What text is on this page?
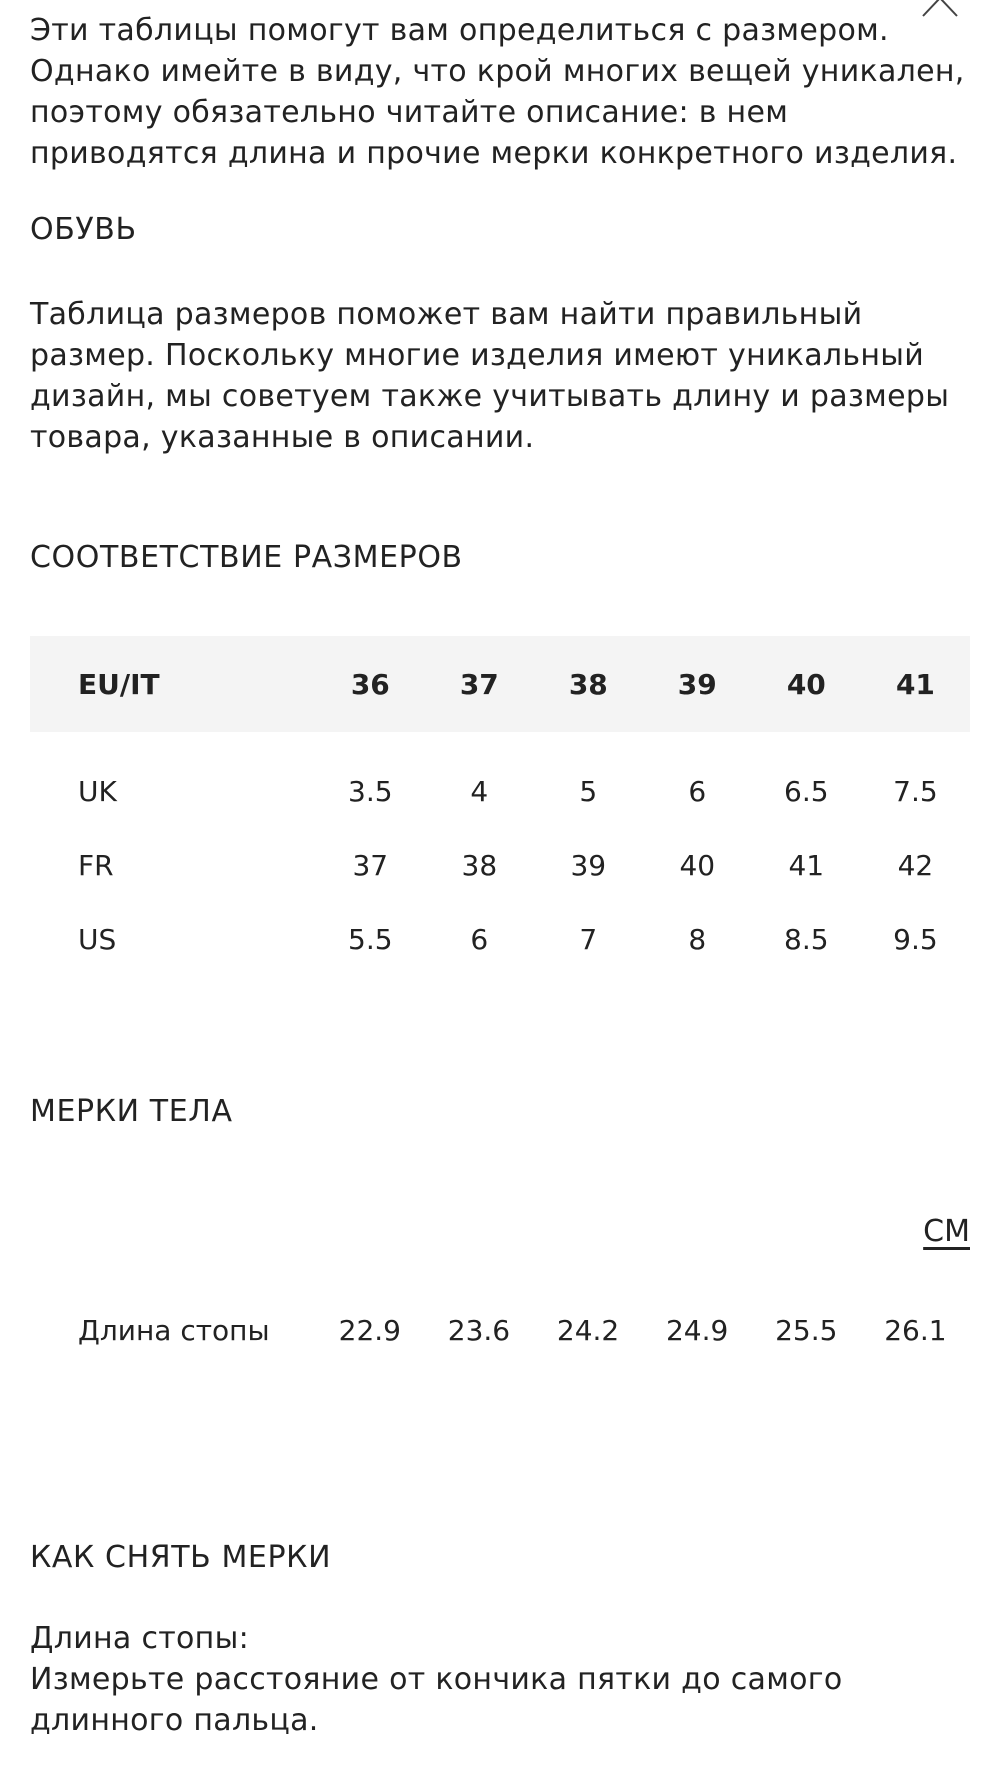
Эти таблицы помогут вам определиться с размером. Однако имейте в виду, что крой многих вещей уникален, поэтому обязательно читайте описание: в нем приводятся длина и прочие мерки конкретного изделия.

ОБУВЬ

Таблица размеров поможет вам найти правильный размер. Поскольку многие изделия имеют уникальный дизайн, мы советуем также учитывать длину и размеры товара, указанные в описании.

СООТВЕТСТВИЕ РАЗМЕРОВ
EU/IT	36	37	38	39	40	41
UK	3.5	4	5	6	6.5	7.5
FR	37	38	39	40	41	42
US	5.5	6	7	8	8.5	9.5
МЕРКИ ТЕЛА
СМ
Длина стопы	22.9	23.6	24.2	24.9	25.5	26.1
КАК СНЯТЬ МЕРКИ

Длина стопы:

Измерьте расстояние от кончика пятки до самого длинного пальца.
